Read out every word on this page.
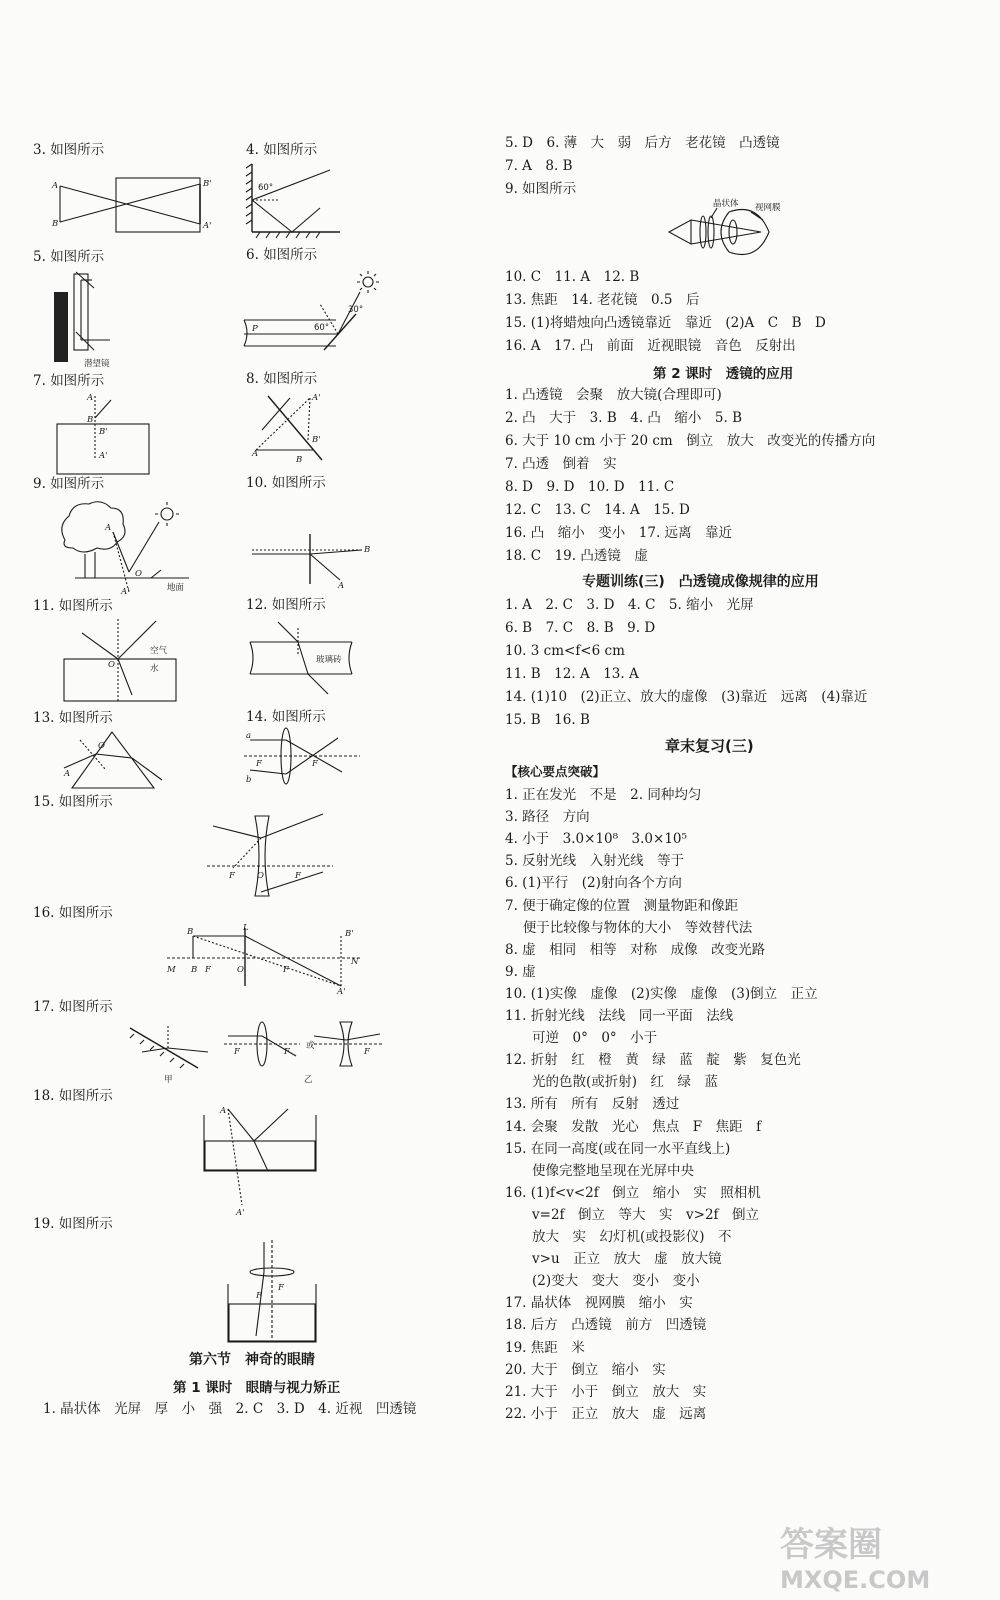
3. 如图所示	4. 如图所示
5. 如图所示	6. 如图所示
7. 如图所示	8. 如图所示
9. 如图所示	10. 如图所示
11. 如图所示	12. 如图所示
13. 如图所示	14. 如图所示
15. 如图所示
16. 如图所示
17. 如图所示
18. 如图所示
19. 如图所示
A
B
B'
A'
60°
潜望镜
P	60°
30°
A
B
B'
A'
A'
A
B
B'
A
O
A'	地面
B
A
空气
水
O	玻璃砖
A
O
a
b
F	F
F	O	F
L
B
M B F	O	F
B'
N
A'
F	F	F
或
甲	乙
A
A'
F
F
第六节　神奇的眼睛
第 1 课时　眼睛与视力矫正
1. 晶状体　光屏　厚　小　强　2. C　3. D　4. 近视　凹透镜
5. D　6. 薄　大　弱　后方　老花镜　凸透镜
7. A　8. B
9. 如图所示
晶状体 视网膜
10. C　11. A　12. B
13. 焦距　14. 老花镜　0.5　后
15. (1)将蜡烛向凸透镜靠近　靠近　(2)A　C　B　D
16. A　17. 凸　前面　近视眼镜　音色　反射出
第 2 课时　透镜的应用
1. 凸透镜　会聚　放大镜(合理即可)
2. 凸　大于　3. B　4. 凸　缩小　5. B
6. 大于 10 cm 小于 20 cm　倒立　放大　改变光的传播方向
7. 凸透　倒着　实
8. D　9. D　10. D　11. C
12. C　13. C　14. A　15. D
16. 凸　缩小　变小　17. 远离　靠近
18. C　19. 凸透镜　虚
专题训练(三)　凸透镜成像规律的应用
1. A　2. C　3. D　4. C　5. 缩小　光屏
6. B　7. C　8. B　9. D
10. 3 cm<f<6 cm
11. B　12. A　13. A
14. (1)10　(2)正立、放大的虚像　(3)靠近　远离　(4)靠近
15. B　16. B
章末复习(三)
【核心要点突破】
1. 正在发光　不是　2. 同种均匀
3. 路径　方向
4. 小于　3.0×10⁸　3.0×10⁵
5. 反射光线　入射光线　等于
6. (1)平行　(2)射向各个方向
7. 便于确定像的位置　测量物距和像距
　 便于比较像与物体的大小　等效替代法
8. 虚　相同　相等　对称　成像　改变光路
9. 虚
10. (1)实像　虚像　(2)实像　虚像　(3)倒立　正立
11. 折射光线　法线　同一平面　法线
　　可逆　0°　0°　小于
12. 折射　红　橙　黄　绿　蓝　靛　紫　复色光
　　光的色散(或折射)　红　绿　蓝
13. 所有　所有　反射　透过
14. 会聚　发散　光心　焦点　F　焦距　f
15. 在同一高度(或在同一水平直线上)
　　使像完整地呈现在光屏中央
16. (1)f<v<2f　倒立　缩小　实　照相机
　　v=2f　倒立　等大　实　v>2f　倒立
　　放大　实　幻灯机(或投影仪)　不
　　v>u　正立　放大　虚　放大镜
　　(2)变大　变大　变小　变小
17. 晶状体　视网膜　缩小　实
18. 后方　凸透镜　前方　凹透镜
19. 焦距　米
20. 大于　倒立　缩小　实
21. 大于　小于　倒立　放大　实
22. 小于　正立　放大　虚　远离
答案圈
MXQE.COM
